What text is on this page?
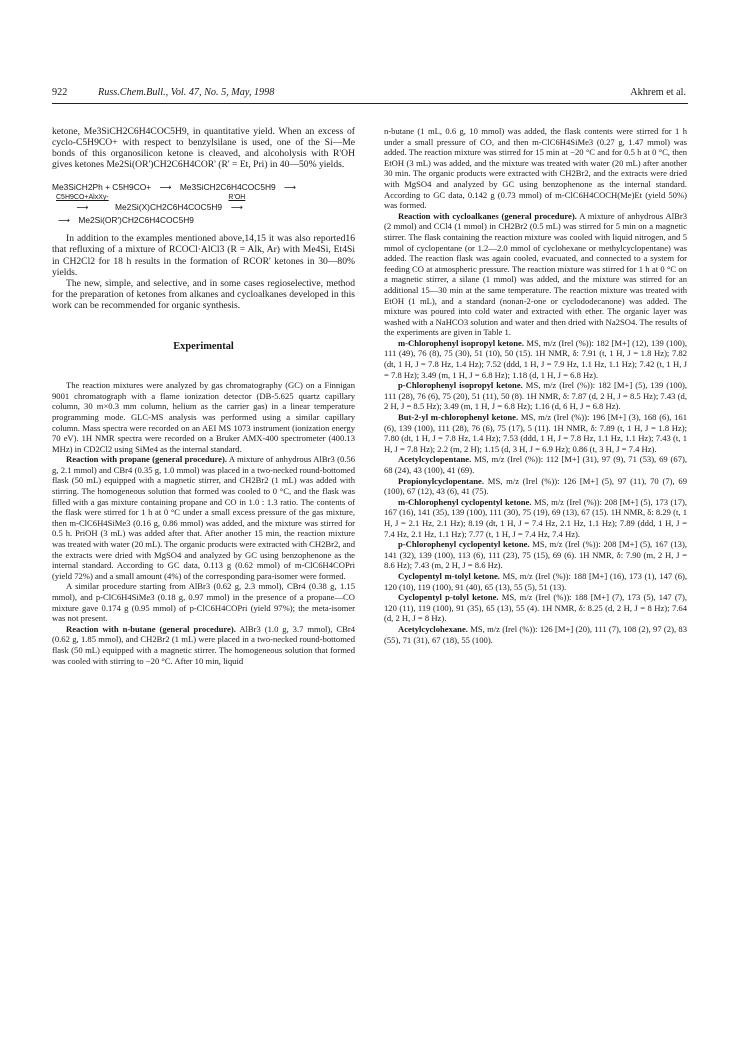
922	Russ.Chem.Bull., Vol. 47, No. 5, May, 1998	Akhrem et al.

ketone, Me3SiCH2C6H4COC5H9, in quantitative yield. When an excess of cyclo-C5H9CO+ with respect to benzylsilane is used, one of the Si—Me bonds of this organosilicon ketone is cleaved, and alcoholysis with R'OH gives ketones Me2Si(OR')CH2C6H4COR' (R' = Et, Pri) in 40—50% yields.

Me3SiCH2Ph + C5H9CO+ ⟶ Me3SiCH2C6H4COC5H9 ⟶
C5H9CO+AlxXy-
⟶	Me2Si(X)CH2C6H4COC5H9
R'OH
⟶
⟶ Me2Si(OR')CH2C6H4COC5H9

In addition to the examples mentioned above,14,15 it was also reported16 that refluxing of a mixture of RCOCl·AlCl3 (R = Alk, Ar) with Me4Si, Et4Si in CH2Cl2 for 18 h results in the formation of RCOR' ketones in 30—80% yields.

The new, simple, and selective, and in some cases regioselective, method for the preparation of ketones from alkanes and cycloalkanes developed in this work can be recommended for organic synthesis.

Experimental

The reaction mixtures were analyzed by gas chromatography (GC) on a Finnigan 9001 chromatograph with a flame ionization detector (DB-5.625 quartz capillary column, 30 m×0.3 mm column, helium as the carrier gas) in a linear temperature programming mode. GLC-MS analysis was performed using a similar capillary column. Mass spectra were recorded on an AEI MS 1073 instrument (ionization energy 70 eV). 1H NMR spectra were recorded on a Bruker AMX-400 spectrometer (400.13 MHz) in CD2Cl2 using SiMe4 as the internal standard.

Reaction with propane (general procedure). A mixture of anhydrous AlBr3 (0.56 g, 2.1 mmol) and CBr4 (0.35 g, 1.0 mmol) was placed in a two-necked round-bottomed flask (50 mL) equipped with a magnetic stirrer, and CH2Br2 (1 mL) was added with stirring. The homogeneous solution that formed was cooled to 0 °C, and the flask was filled with a gas mixture containing propane and CO in 1.0 : 1.3 ratio. The contents of the flask were stirred for 1 h at 0 °C under a small excess pressure of the gas mixture, then m-ClC6H4SiMe3 (0.16 g, 0.86 mmol) was added, and the mixture was stirred for 0.5 h. PriOH (3 mL) was added after that. After another 15 min, the reaction mixture was treated with water (20 mL). The organic products were extracted with CH2Br2, and the extracts were dried with MgSO4 and analyzed by GC using benzophenone as the internal standard. According to GC data, 0.113 g (0.62 mmol) of m-ClC6H4COPri (yield 72%) and a small amount (4%) of the corresponding para-isomer were formed.

A similar procedure starting from AlBr3 (0.62 g, 2.3 mmol), CBr4 (0.38 g, 1.15 mmol), and p-ClC6H4SiMe3 (0.18 g, 0.97 mmol) in the presence of a propane—CO mixture gave 0.174 g (0.95 mmol) of p-ClC6H4COPri (yield 97%); the meta-isomer was not present.

Reaction with n-butane (general procedure). AlBr3 (1.0 g, 3.7 mmol), CBr4 (0.62 g, 1.85 mmol), and CH2Br2 (1 mL) were placed in a two-necked round-bottomed flask (50 mL) equipped with a magnetic stirrer. The homogeneous solution that formed was cooled with stirring to −20 °C. After 10 min, liquid

n-butane (1 mL, 0.6 g, 10 mmol) was added, the flask contents were stirred for 1 h under a small pressure of CO, and then m-ClC6H4SiMe3 (0.27 g, 1.47 mmol) was added. The reaction mixture was stirred for 15 min at −20 °C and for 0.5 h at 0 °C, then EtOH (3 mL) was added, and the mixture was treated with water (20 mL) after another 30 min. The organic products were extracted with CH2Br2, and the extracts were dried with MgSO4 and analyzed by GC using benzophenone as the internal standard. According to GC data, 0.142 g (0.73 mmol) of m-ClC6H4COCH(Me)Et (yield 50%) was formed.

Reaction with cycloalkanes (general procedure). A mixture of anhydrous AlBr3 (2 mmol) and CCl4 (1 mmol) in CH2Br2 (0.5 mL) was stirred for 5 min on a magnetic stirrer. The flask containing the reaction mixture was cooled with liquid nitrogen, and 5 mmol of cyclopentane (or 1.2—2.0 mmol of cyclohexane or methylcyclopentane) was added. The reaction flask was again cooled, evacuated, and connected to a system for feeding CO at atmospheric pressure. The reaction mixture was stirred for 1 h at 0 °C on a magnetic stirrer, a silane (1 mmol) was added, and the mixture was stirred for an additional 15—30 min at the same temperature. The reaction mixture was treated with EtOH (1 mL), and a standard (nonan-2-one or cyclododecanone) was added. The mixture was poured into cold water and extracted with ether. The organic layer was washed with a NaHCO3 solution and water and then dried with Na2SO4. The results of the experiments are given in Table 1.

m-Chlorophenyl isopropyl ketone. MS, m/z (Irel (%)): 182 [M+] (12), 139 (100), 111 (49), 76 (8), 75 (30), 51 (10), 50 (15). 1H NMR, δ: 7.91 (t, 1 H, J = 1.8 Hz); 7.82 (dt, 1 H, J = 7.8 Hz, 1.4 Hz); 7.52 (ddd, 1 H, J = 7.9 Hz, 1.1 Hz, 1.1 Hz); 7.42 (t, 1 H, J = 7.8 Hz); 3.49 (m, 1 H, J = 6.8 Hz); 1.18 (d, 1 H, J = 6.8 Hz).

p-Chlorophenyl isopropyl ketone. MS, m/z (Irel (%)): 182 [M+] (5), 139 (100), 111 (28), 76 (6), 75 (20), 51 (11), 50 (8). 1H NMR, δ: 7.87 (d, 2 H, J = 8.5 Hz); 7.43 (d, 2 H, J = 8.5 Hz); 3.49 (m, 1 H, J = 6.8 Hz); 1.16 (d, 6 H, J = 6.8 Hz).

But-2-yl m-chlorophenyl ketone. MS, m/z (Irel (%)): 196 [M+] (3), 168 (6), 161 (6), 139 (100), 111 (28), 76 (6), 75 (17), 5 (11). 1H NMR, δ: 7.89 (t, 1 H, J = 1.8 Hz); 7.80 (dt, 1 H, J = 7.8 Hz, 1.4 Hz); 7.53 (ddd, 1 H, J = 7.8 Hz, 1.1 Hz, 1.1 Hz); 7.43 (t, 1 H, J = 7.8 Hz); 2.2 (m, 2 H); 1.15 (d, 3 H, J = 6.9 Hz); 0.86 (t, 3 H, J = 7.4 Hz).

Acetylcyclopentane. MS, m/z (Irel (%)): 112 [M+] (31), 97 (9), 71 (53), 69 (67), 68 (24), 43 (100), 41 (69).

Propionylcyclopentane. MS, m/z (Irel (%)): 126 [M+] (5), 97 (11), 70 (7), 69 (100), 67 (12), 43 (6), 41 (75).

m-Chlorophenyl cyclopentyl ketone. MS, m/z (Irel (%)): 208 [M+] (5), 173 (17), 167 (16), 141 (35), 139 (100), 111 (30), 75 (19), 69 (13), 67 (15). 1H NMR, δ: 8.29 (t, 1 H, J = 2.1 Hz, 2.1 Hz); 8.19 (dt, 1 H, J = 7.4 Hz, 2.1 Hz, 1.1 Hz); 7.89 (ddd, 1 H, J = 7.4 Hz, 2.1 Hz, 1.1 Hz); 7.77 (t, 1 H, J = 7.4 Hz, 7.4 Hz).

p-Chlorophenyl cyclopentyl ketone. MS, m/z (Irel (%)): 208 [M+] (5), 167 (13), 141 (32), 139 (100), 113 (6), 111 (23), 75 (15), 69 (6). 1H NMR, δ: 7.90 (m, 2 H, J = 8.6 Hz); 7.43 (m, 2 H, J = 8.6 Hz).

Cyclopentyl m-tolyl ketone. MS, m/z (Irel (%)): 188 [M+] (16), 173 (1), 147 (6), 120 (10), 119 (100), 91 (40), 65 (13), 55 (5), 51 (13).

Cyclopentyl p-tolyl ketone. MS, m/z (Irel (%)): 188 [M+] (7), 173 (5), 147 (7), 120 (11), 119 (100), 91 (35), 65 (13), 55 (4). 1H NMR, δ: 8.25 (d, 2 H, J = 8 Hz); 7.64 (d, 2 H, J = 8 Hz).

Acetylcyclohexane. MS, m/z (Irel (%)): 126 [M+] (20), 111 (7), 108 (2), 97 (2), 83 (55), 71 (31), 67 (18), 55 (100).
